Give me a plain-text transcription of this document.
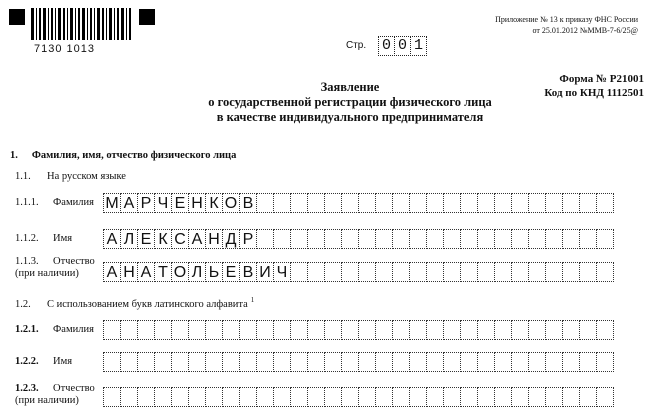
7130 1013
Приложение № 13 к приказу ФНС России
от 25.01.2012 №ММВ-7-6/25@
Стр. 0 0 1
Форма № Р21001
Код по КНД 1112501
Заявление
о государственной регистрации физического лица
в качестве индивидуального предпринимателя
1. Фамилия, имя, отчество физического лица
1.1. На русском языке
1.1.1. Фамилия М А Р Ч Е Н К О В
1.1.2. Имя А Л Е К С А Н Д Р
1.1.3. Отчество
(при наличии)	А Н А Т О Л Ь Е В И Ч
1.2. С использованием букв латинского алфавита $^1$
1.2.1. Фамилия
1.2.2. Имя
1.2.3. Отчество
(при наличии)
